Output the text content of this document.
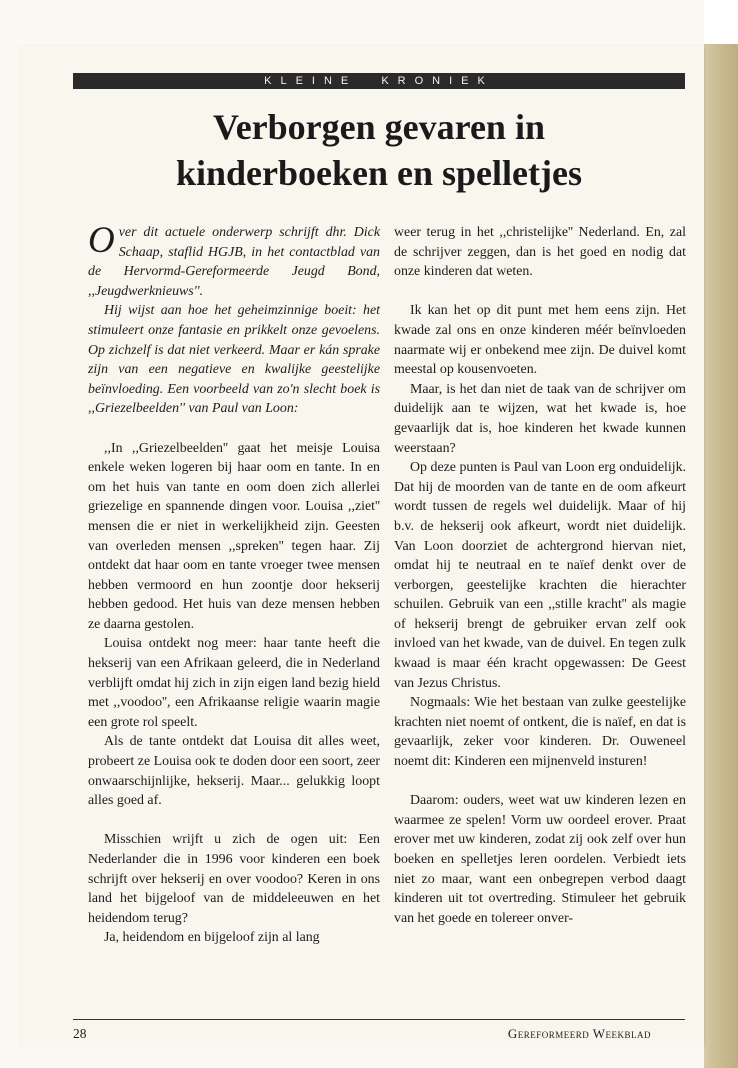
KLEINE  KRONIEK
Verborgen gevaren in
kinderboeken en spelletjes

Over dit actuele onderwerp schrijft dhr. Dick Schaap, staflid HGJB, in het contactblad van de Hervormd-Gereformeerde Jeugd Bond, ,,Jeugdwerknieuws''.

Hij wijst aan hoe het geheimzinnige boeit: het stimuleert onze fantasie en prikkelt onze gevoelens. Op zichzelf is dat niet verkeerd. Maar er kán sprake zijn van een negatieve en kwalijke geestelijke beïnvloeding. Een voorbeeld van zo'n slecht boek is ,,Griezelbeelden'' van Paul van Loon:

,,In ,,Griezelbeelden'' gaat het meisje Louisa enkele weken logeren bij haar oom en tante. In en om het huis van tante en oom doen zich allerlei griezelige en spannende dingen voor. Louisa ,,ziet'' mensen die er niet in werkelijkheid zijn. Geesten van overleden mensen ,,spreken'' tegen haar. Zij ontdekt dat haar oom en tante vroeger twee mensen hebben vermoord en hun zoontje door hekserij hebben gedood. Het huis van deze mensen hebben ze daarna gestolen.

Louisa ontdekt nog meer: haar tante heeft die hekserij van een Afrikaan geleerd, die in Nederland verblijft omdat hij zich in zijn eigen land bezig hield met ,,voodoo'', een Afrikaanse religie waarin magie een grote rol speelt.

Als de tante ontdekt dat Louisa dit alles weet, probeert ze Louisa ook te doden door een soort, zeer onwaarschijnlijke, hekserij. Maar... gelukkig loopt alles goed af.

Misschien wrijft u zich de ogen uit: Een Nederlander die in 1996 voor kinderen een boek schrijft over hekserij en over voodoo? Keren in ons land het bijgeloof van de middeleeuwen en het heidendom terug?

Ja, heidendom en bijgeloof zijn al lang

weer terug in het ,,christelijke'' Nederland. En, zal de schrijver zeggen, dan is het goed en nodig dat onze kinderen dat weten.

Ik kan het op dit punt met hem eens zijn. Het kwade zal ons en onze kinderen méér beïnvloeden naarmate wij er onbekend mee zijn. De duivel komt meestal op kousenvoeten.

Maar, is het dan niet de taak van de schrijver om duidelijk aan te wijzen, wat het kwade is, hoe gevaarlijk dat is, hoe kinderen het kwade kunnen weerstaan?

Op deze punten is Paul van Loon erg onduidelijk. Dat hij de moorden van de tante en de oom afkeurt wordt tussen de regels wel duidelijk. Maar of hij b.v. de hekserij ook afkeurt, wordt niet duidelijk. Van Loon doorziet de achtergrond hiervan niet, omdat hij te neutraal en te naïef denkt over de verborgen, geestelijke krachten die hierachter schuilen. Gebruik van een ,,stille kracht'' als magie of hekserij brengt de gebruiker ervan zelf ook invloed van het kwade, van de duivel. En tegen zulk kwaad is maar één kracht opgewassen: De Geest van Jezus Christus.

Nogmaals: Wie het bestaan van zulke geestelijke krachten niet noemt of ontkent, die is naïef, en dat is gevaarlijk, zeker voor kinderen. Dr. Ouweneel noemt dit: Kinderen een mijnenveld insturen!

Daarom: ouders, weet wat uw kinderen lezen en waarmee ze spelen! Vorm uw oordeel erover. Praat erover met uw kinderen, zodat zij ook zelf over hun boeken en spelletjes leren oordelen. Verbiedt iets niet zo maar, want een onbegrepen verbod daagt kinderen uit tot overtreding. Stimuleer het gebruik van het goede en tolereer onver-

28	Gereformeerd Weekblad
